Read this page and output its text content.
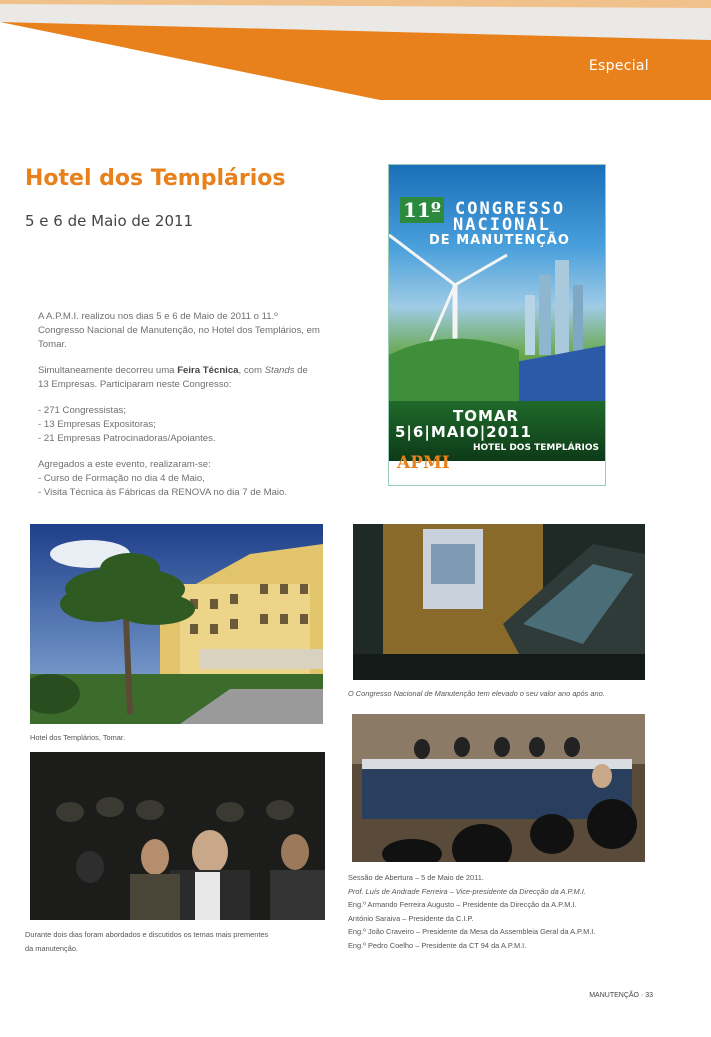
Especial
Hotel dos Templários
5 e 6 de Maio de 2011

A A.P.M.I. realizou nos dias 5 e 6 de Maio de 2011 o 11.º Congresso Nacional de Manutenção, no Hotel dos Templários, em Tomar.

Simultaneamente decorreu uma Feira Técnica, com Stands de 13 Empresas. Participaram neste Congresso:

- 271 Congressistas;
- 13 Empresas Expositoras;
- 21 Empresas Patrocinadoras/Apoiantes.

Agregados a este evento, realizaram-se:

- Curso de Formação no dia 4 de Maio,
- Visita Técnica às Fábricas da RENOVA no dia 7 de Maio.
11º CONGRESSO
NACIONAL
DE MANUTENÇÃO
TOMAR
5|6|MAIO|2011
HOTEL DOS TEMPLÁRIOS
APMI
Hotel dos Templários, Tomar.
O Congresso Nacional de Manutenção tem elevado o seu valor ano após ano.
Durante dois dias foram abordados e discutidos os temas mais prementes
da manutenção.
Sessão de Abertura – 5 de Maio de 2011.
Prof. Luís de Andrade Ferreira – Vice-presidente da Direcção da A.P.M.I.
Eng.º Armando Ferreira Augusto – Presidente da Direcção da A.P.M.I.
António Saraiva – Presidente da C.I.P.
Eng.º João Craveiro – Presidente da Mesa da Assembleia Geral da A.P.M.I.
Eng.º Pedro Coelho – Presidente da CT 94 da A.P.M.I.
MANUTENÇÃO · 33
